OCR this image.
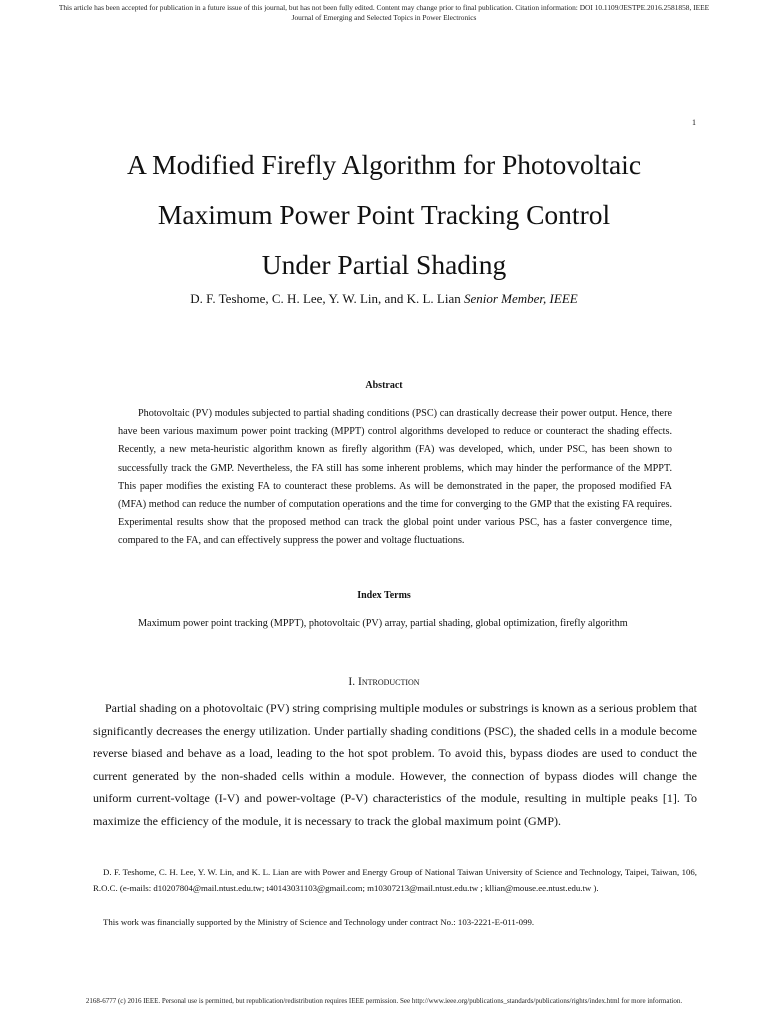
This article has been accepted for publication in a future issue of this journal, but has not been fully edited. Content may change prior to final publication. Citation information: DOI 10.1109/JESTPE.2016.2581858, IEEE
Journal of Emerging and Selected Topics in Power Electronics
1
A Modified Firefly Algorithm for Photovoltaic
Maximum Power Point Tracking Control
Under Partial Shading
D. F. Teshome, C. H. Lee, Y. W. Lin, and K. L. Lian Senior Member, IEEE
Abstract

Photovoltaic (PV) modules subjected to partial shading conditions (PSC) can drastically decrease their power output. Hence, there have been various maximum power point tracking (MPPT) control algorithms developed to reduce or counteract the shading effects. Recently, a new meta-heuristic algorithm known as firefly algorithm (FA) was developed, which, under PSC, has been shown to successfully track the GMP. Nevertheless, the FA still has some inherent problems, which may hinder the performance of the MPPT. This paper modifies the existing FA to counteract these problems. As will be demonstrated in the paper, the proposed modified FA (MFA) method can reduce the number of computation operations and the time for converging to the GMP that the existing FA requires. Experimental results show that the proposed method can track the global point under various PSC, has a faster convergence time, compared to the FA, and can effectively suppress the power and voltage fluctuations.

Index Terms

Maximum power point tracking (MPPT), photovoltaic (PV) array, partial shading, global optimization, firefly algorithm

I. Introduction

Partial shading on a photovoltaic (PV) string comprising multiple modules or substrings is known as a serious problem that significantly decreases the energy utilization. Under partially shading conditions (PSC), the shaded cells in a module become reverse biased and behave as a load, leading to the hot spot problem. To avoid this, bypass diodes are used to conduct the current generated by the non-shaded cells within a module. However, the connection of bypass diodes will change the uniform current-voltage (I-V) and power-voltage (P-V) characteristics of the module, resulting in multiple peaks [1]. To maximize the efficiency of the module, it is necessary to track the global maximum point (GMP).

D. F. Teshome, C. H. Lee, Y. W. Lin, and K. L. Lian are with Power and Energy Group of National Taiwan University of Science and Technology, Taipei, Taiwan, 106, R.O.C. (e-mails: d10207804@mail.ntust.edu.tw; t40143031103@gmail.com; m10307213@mail.ntust.edu.tw ; kllian@mouse.ee.ntust.edu.tw ).

This work was financially supported by the Ministry of Science and Technology under contract No.: 103-2221-E-011-099.

2168-6777 (c) 2016 IEEE. Personal use is permitted, but republication/redistribution requires IEEE permission. See http://www.ieee.org/publications_standards/publications/rights/index.html for more information.
